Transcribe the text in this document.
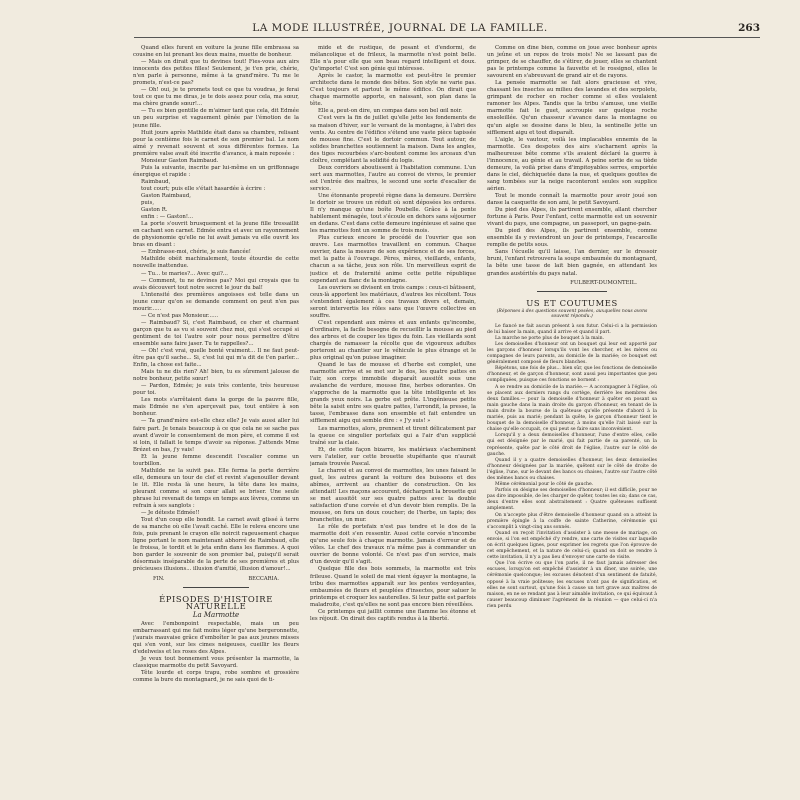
LA MODE ILLUSTRÉE, JOURNAL DE LA FAMILLE.	263

Quand elles furent en voiture la jeune fille embrassa sa cousine en lui prenant les deux mains, muette de bonheur.

— Mais on dirait que tu devines tout! Fies-vous aux airs innocents des petites filles! Seulement, je t'en prie, chérie, n'en parle à personne, même à ta grand'mère. Tu me le promets, n'est-ce pas?

— Oh! oui, je te promets tout ce que tu voudras, je ferai tout ce que tu me diras, je te dois assez pour cela, ma sœur, ma chère grande sœur!...

— Tu es bien gentille de m'aimer tant que cela, dit Edmée un peu surprise et vaguement gênée par l'émotion de la jeune fille.

Huit jours après Mathilde était dans sa chambre, relisant pour la centième fois le carnet de son premier bal. Le nom aimé y revenait souvent et sous différentes formes. La première valse avait été inscrite d'avance, à main reposée :

Monsieur Gaston Raimbaud.

Puis la suivante, inscrite par lui-même en un griffonnage énergique et rapide :

Raimbaud,

tout court; puis elle s'était hasardée à écrire :

Gaston Raimbaud,

puis,

Gaston R.

enfin : — Gaston!...

La porte s'ouvrit brusquement et la jeune fille tressaillit en cachant son carnet. Edmée entra et avec un rayonnement de physionomie qu'elle ne lui avait jamais vu elle ouvrit les bras en disant :

— Embrasse-moi, chérie, je suis fiancée!

Mathilde obéit machinalement, toute étourdie de cette nouvelle inattendue.

— Tu... te maries?... Avec qui?...

— Comment, tu ne devines pas? Moi qui croyais que tu avais découvert tout notre secret le jour du bal!

L'intensité des premières angoisses est telle dans un jeune cœur qu'on se demande comment on peut n'en pas mourir......

— Ce n'est pas Monsieur......

— Raimbaud? Si, c'est Raimbaud, ce cher et charmant garçon que tu as vu si souvent chez moi, qui s'est occupé si gentiment de toi l'autre soir pour nous permettre d'être ensemble sans faire jaser. Tu te rappelles?...

— Oh! c'est vrai, quelle bonté vraiment... Il ne faut peut-être pas qu'il sache... Si, c'est lui qui m'a dit de t'en parler... Enfin, la chose est faite...

Mais tu ne dis rien? Ah! bien, tu es sûrement jalouse de notre bonheur, petite sœur!

— Pardon, Edmée; je suis très contente, très heureuse pour toi.

Les mots s'arrêtaient dans la gorge de la pauvre fille, mais Edmée ne s'en aperçevait pas, tout entière à son bonheur.

— Ta grand'mère est-elle chez elle? Je vais aussi aller lui faire part. Je tenais beaucoup à ce que cela ne se sache pas avant d'avoir le consentement de mon père, et comme il est si loin, il fallait le temps d'avoir sa réponse. J'attends Mme Brézet en bas, j'y vais!

Et la jeune femme descendit l'escalier comme un tourbillon.

Mathilde ne la suivit pas. Elle ferma la porte derrière elle, demeura un tour de clef et revint s'agenouiller devant le lit. Elle resta là une heure, la tête dans les mains, pleurant comme si son cœur allait se briser. Une seule phrase lui revenait de temps en temps aux lèvres, comme un refrain à ses sanglots :

— Je déteste Edmée!!

Tout d'un coup elle bondit. Le carnet avait glissé à terre de sa manche où elle l'avait caché. Elle le releva encore une fois, puis prenant le crayon elle noircit rageusement chaque ligne portant le nom maintenant abhorré de Raimbaud, elle le froissa, le tordit et le jeta enfin dans les flammes. A quoi bon garder le souvenir de son premier bal, puisqu'il serait désormais inséparable de la perte de ses premières et plus précieuses illusions... illusion d'amitié, illusion d'amour!...

FIN.	BECCARIA.
ÉPISODES D'HISTOIRE NATURELLE
La Marmotte

Avec l'embonpoint respectable, mais un peu embarrassant qui me fait moins léger qu'une bergeronnette, j'aurais mauvaise grâce d'emboîter le pas aux jeunes misses qui s'en vont, sur les cimes neigeuses, cueillir les fleurs d'edelweiss et les roses des Alpes.

Je veux tout bonnement vous présenter la marmotte, la classique marmotte du petit Savoyard.

Tête lourde et corps trapu, robe sombre et grossière comme la bure du montagnard, je ne sais quoi de ti-

mide et de rustique, de pesant et d'endormi, de mélancolique et de frileux, la marmotte n'est point belle. Elle n'a pour elle que son beau regard intelligent et doux. Qu'importe! C'est son génie qui intéresse.

Après le castor, la marmotte est peut-être le premier architecte dans le monde des bêtes. Son style ne varie pas. C'est toujours et partout le même édifice. On dirait que chaque marmotte apporte, en naissant, son plan dans la tête.

Elle a, peut-on dire, un compas dans son bel œil noir.

C'est vers la fin de juillet qu'elle jette les fondements de sa maison d'hiver, sur le versant de la montagne, à l'abri des vents. Au centre de l'édifice s'étend une vaste pièce tapissée de mousse fine. C'est le dortoir commun. Tout autour, de solides branchettes soutiennent la maison. Dans les angles, des tiges recourbées s'arc-boutent comme les arceaux d'un cloître, complétant la solidité du logis.

Deux corridors aboutissent à l'habitation commune. L'un sert aux marmottes, l'autre au convoi de vivres, le premier est l'entrée des maîtres, le second une sorte d'escalier de service.

Une étonnante propreté règne dans la demeure. Derrière le dortoir se trouve un réduit où sont déposées les ordures. Il n'y manque qu'une boîte Poubelle. Grâce à la pente habilement ménagée, tout s'écoule en dehors sans séjourner en dedans. C'est dans cette demeure ingénieuse et saine que les marmottes font un somme de trois mois.

Plus curieux encore le procédé de l'ouvrier que son œuvre. Les marmottes travaillent en commun. Chaque ouvrier, dans la mesure de son expérience et de ses forces, met la patte à l'ouvrage. Pères, mères, vieillards, enfants, chacun a sa tâche, jeux son rôle. Un merveilleux esprit de justice et de fraternité anime cette petite république cependant au flanc de la montagne.

Les ouvriers se divisent en trois camps : ceux-ci bâtissent, ceux-là apportent les matériaux, d'autres les récoltent. Tous s'entendent également à ces travaux divers et, demain, seront intervertis les rôles sans que l'œuvre collective en souffre.

C'est cependant aux mères et aux enfants qu'incombe, d'ordinaire, la facile besogne de recueillir la mousse au pied des arbres et de couper les tiges du foin. Les vieillards sont chargés de ramasser la récolte que de vigoureux adultes porteront au chantier sur le véhicule le plus étrange et le plus original qu'on puisse imaginer.

Quand le tas de mousse et d'herbe est complet, une marmotte arrive et se met sur le dos, les quatre pattes en l'air, son corps immobile disparaît aussitôt sous une avalanche de verdure, mousse fine, herbes odorantes. On s'approche de la marmotte que la tête intelligente et les grands yeux noirs. La gerbe est prête. L'ingénieuse petite bête la saisit entre ses quatre pattes, l'arrondit, la presse, la tasse, l'embrasse dans son ensemble et fait entendre un sifflement aigu qui semble dire : « J'y suis! »

Les marmottes, alors, prennent et tirent délicatement par la queue ce singulier portefaix qui a l'air d'un supplicié traîné sur la claie.

Et, de cette façon bizarre, les matériaux s'acheminent vers l'atelier, sur cette brouette stupéfiante que n'aurait jamais trouvée Pascal.

Le charroi et au convoi de marmottes, les unes faisant le guet, les autres garant la voiture des buissons et des abîmes, arrivent au chantier de construction. On les attendait! Les maçons accourent, déchargent la brouette qui se met aussitôt sur ses quatre pattes avec la double satisfaction d'une corvée et d'un devoir bien remplis. De la mousse, on fera un doux coucher; de l'herbe, un tapis; des branchettes, un mur.

Le rôle de portefaix n'est pas tendre et le dos de la marmotte doit s'en ressentir. Aussi cette corvée n'incombe qu'une seule fois à chaque marmotte. Jamais d'erreur et de vôles. Le chef des travaux n'a même pas à commander un ouvrier de bonne volonté. Ce n'est pas d'un service, mais d'un devoir qu'il s'agit.

Quelque fille des bois sommets, la marmotte est très frileuse. Quand le soleil de mai vient égayer la montagne, la tribu des marmottes apparaît sur les pentes verdoyantes, embaumées de fleurs et peuplées d'insectes, pour saluer le printemps et croquer les sauterelles. Si leur patte est parfois maladroite, c'est qu'elles ne sont pas encore bien réveillées.

Ce printemps qui jaillit comme une flamme les étonne et les réjouit. On dirait des captifs rendus à la liberté.

Comme on dîne bien, comme on joue avec bonheur après un jeûne et un repos de trois mois! Ne se lassant pas de grimper, de se chauffer, de s'étirer, de jouer, elles se chantent pas le printemps comme la fauvette et le rossignol, elles le savourent en s'abreuvant de grand air et de rayons.

La pensée marmotte se fait alors gracieuse et vive, chassant les insectes au milieu des lavandes et des serpolets, grimpant de rocher en rocher comme si elles voulaient ramoner les Alpes. Tandis que la tribu s'amuse, une vieille marmotte fait le guet, accroupie sur quelque roche ensoleillée. Qu'un chasseur s'avance dans la montagne ou qu'un aigle se dessine dans le bleu, la sentinelle jette un sifflement aigu et tout disparaît.

L'aigle, le vautour, voilà les implacables ennemis de la marmotte. Ces despotes des airs s'acharnent après la malheureuse bête comme s'ils avaient déclaré la guerre à l'innocence, au génie et au travail. A peine sortie de sa tiède demeure, la voilà prise dans d'impitoyables serres, emportée dans le ciel, déchiquetée dans la nue, et quelques gouttes de sang tombées sur la neige raconteront seules son supplice aérien.

Tout le monde connaît la marmotte pour avoir joué son danse la casquette de son ami, le petit Savoyard.

Du pied des Alpes, ils partirent ensemble, allant chercher fortune à Paris. Pour l'enfant, cette marmotte est un souvenir vivant du pays, une compagne, un passeport, un gagne-pain.

Du pied des Alpes, ils partirent ensemble, comme ensemble ils y reviendront un jour de printemps, l'escarcelle remplie de petits sous.

Sans l'écuelle qu'il laisse, l'an dernier, sur le dressoir bruni, l'enfant retrouvera la soupe embaumée du montagnard, la bête une tasse de lait bien gagnée, en attendant les grandes austérités du pays natal.

FULBERT-DUMONTEIL.
US ET COUTUMES
(Réponses à des questions souvent posées, auxquelles nous avons souvent répondu.)

Le fiancé ne fait aucun présent à son futur. Celui-ci a la permission de lui baiser la main, quand il arrive et quand il part.

La marche ne porte plus de bouquet à la main.

Les demoiselles d'honneur ont un bouquet qui leur est apporté par les garçons d'honneur lorsqu'ils vont les chercher, et les mères ou compagnes de leurs parents, au domicile de la mariée; ce bouquet est généralement composé de fleurs blanches.

Répétons, une fois de plus... bien sûr, que les fonctions de demoiselle d'honneur, et de garçon d'honneur, sont aussi peu importantes que peu compliquées, puisque ces fonctions se bornent :

A se rendre au domicile de la mariée.— A accompagner à l'église, où se placent aux derniers rangs du cortège, derrière les membres des deux familles.— pour la demoiselle d'honneur à quêter en posant sa main gauche dans la main droite du garçon d'honneur, en tenant de la main droite la bourse de la quêteuse qu'elle présente d'abord à la mariée, puis au marié; pendant la quête, le garçon d'honneur tient le bouquet de la demoiselle d'honneur, à moins qu'elle l'ait laissé sur la chaise qu'elle occupait, ce qui peut se faire sans inconvénient.

Lorsqu'il y a deux demoiselles d'honneur, l'une d'entre elles, celle qui est désignée par le marié, qui fait partie de sa parenté, un la représente, quête par le côté droit de l'église, l'autre sur le côté de gauche.

Quand il y a quatre demoiselles d'honneur, les deux demoiselles d'honneur désignées par la mariée, quêtent sur le côté de droite de l'église, l'une, sur le devant des bancs ou chaises, l'autre sur l'autre côté des mêmes bancs ou chaises.

Même cérémonial pour le côté de gauche.

Parfois on désigne ses demoiselles d'honneur; il est difficile, pour ne pas dire impossible, de les charger de quêter, toutes les six; dans ce cas, deux d'entre elles sont abstraitement : Quatre quêteuses suffisent amplement.

On n'accepte plus d'être demoiselle d'honneur quand on a atteint la première épingle à la coiffe de sainte Catherine, cérémonie qui s'accomplit à vingt-cinq ans sonnés.

Quand on reçoit l'invitation d'assister à une messe de mariage, on envoie, si l'on est empêché d'y rendre, une carte de visites sur laquelle on écrit quelques lignes, pour exprimer les regrets que l'on éprouve de cet empêchement, et la nature de celui-ci; quand on doit se rendre à cette invitation, il n'y a pas lieu d'envoyer une carte de visite.

Que l'on écrive ou que l'on parle, il ne faut jamais adresser des excuses, lorsqu'on est empêché d'assister à un dîner, une soirée, une cérémonie quelconque; les excuses dénotent d'un sentiment de fatuité, opposé à la vraie politesse; les excuses n'ont pas de signification, et elles ne sont surtout, qu'une fois à cause un tort grave aux maîtres de maison, en ne se rendant pas à leur aimable invitation, ce qui équivaut à causer beaucoup diminuer l'agrément de la réunion — que celui-ci n'a rien perdu
